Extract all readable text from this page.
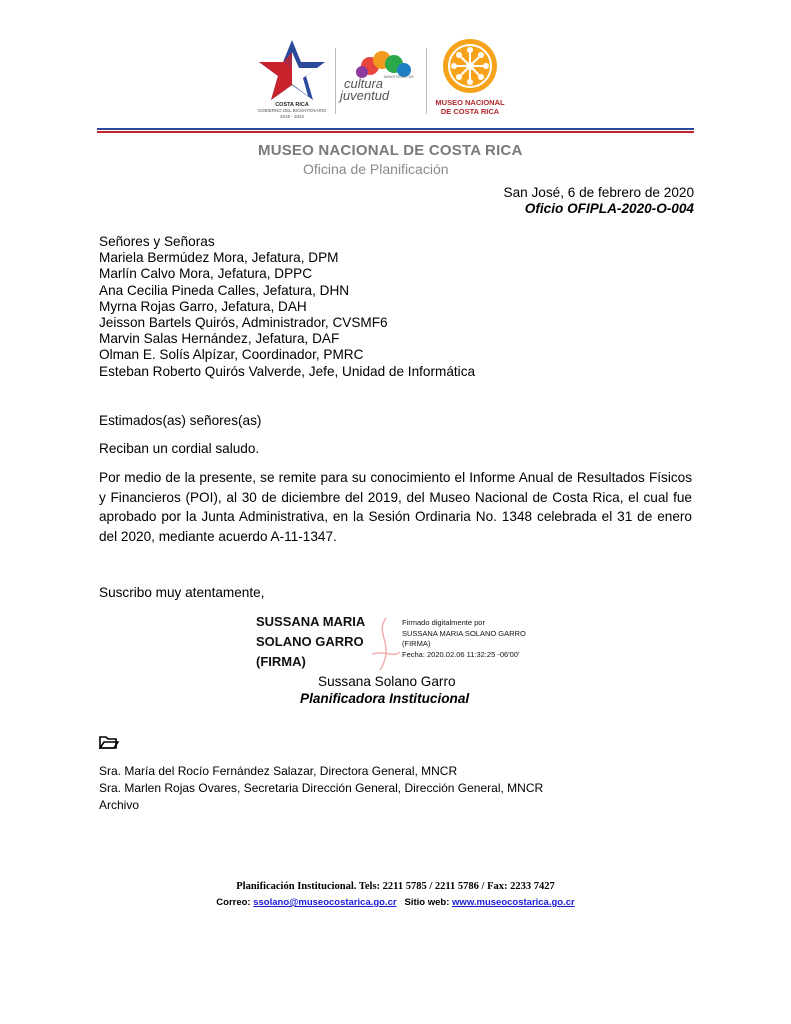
COSTA RICA
GOBIERNO DEL BICENTENARIO
2018 - 2022
MINISTERIO DE
cultura
juventud	MUSEO NACIONAL
DE COSTA RICA
MUSEO NACIONAL DE COSTA RICA
Oficina de Planificación
San José, 6 de febrero de 2020
Oficio OFIPLA-2020-O-004
Señores y Señoras
Mariela Bermúdez Mora, Jefatura, DPM
Marlín Calvo Mora, Jefatura, DPPC
Ana Cecilia Pineda Calles, Jefatura, DHN
Myrna Rojas Garro, Jefatura, DAH
Jeisson Bartels Quirós, Administrador, CVSMF6
Marvin Salas Hernández, Jefatura, DAF
Olman E. Solís Alpízar, Coordinador, PMRC
Esteban Roberto Quirós Valverde, Jefe, Unidad de Informática
Estimados(as) señores(as)
Reciban un cordial saludo.
Por medio de la presente, se remite para su conocimiento el Informe Anual de Resultados Físicos y Financieros (POI), al 30 de diciembre del 2019, del Museo Nacional de Costa Rica, el cual fue aprobado por la Junta Administrativa, en la Sesión Ordinaria No. 1348 celebrada el 31 de enero del 2020, mediante acuerdo A-11-1347.
Suscribo muy atentamente,
SUSSANA MARIA
SOLANO GARRO
(FIRMA)
Firmado digitalmente por
SUSSANA MARIA SOLANO GARRO
(FIRMA)
Fecha: 2020.02.06 11:32:25 -06'00'
Sussana Solano Garro
Planificadora Institucional
Sra. María del Rocío Fernández Salazar, Directora General, MNCR
Sra. Marlen Rojas Ovares, Secretaria Dirección General, Dirección General, MNCR
Archivo
Planificación Institucional. Tels: 2211 5785 / 2211 5786 / Fax: 2233 7427
Correo: ssolano@museocostarica.go.cr Sitio web: www.museocostarica.go.cr
